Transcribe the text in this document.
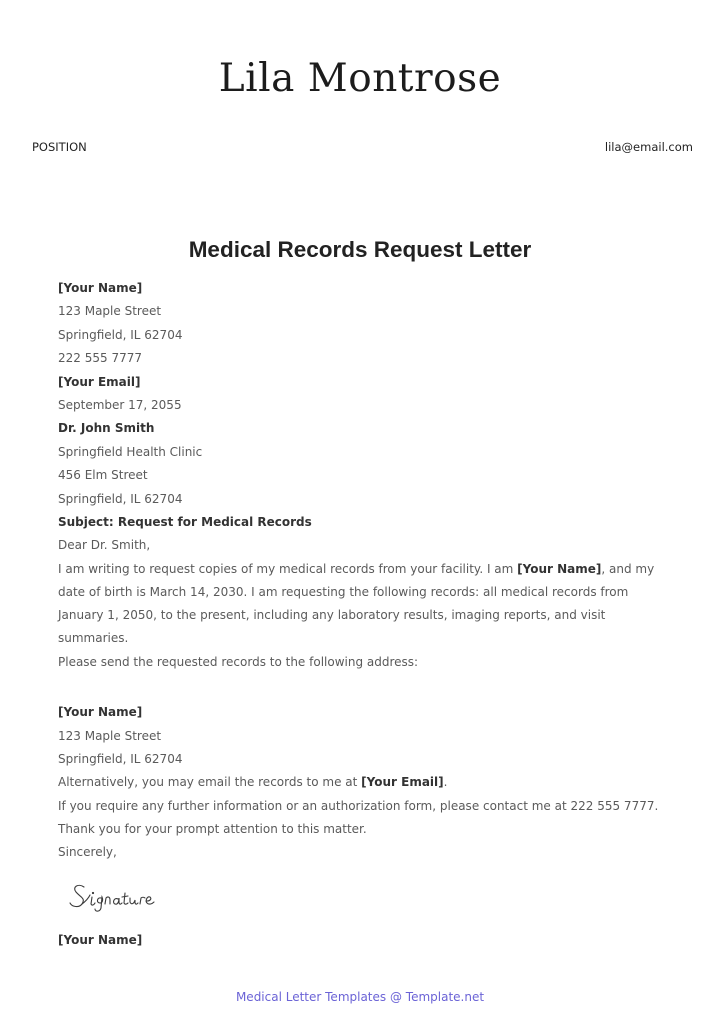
Lila Montrose
POSITION	lila@email.com
Medical Records Request Letter
[Your Name]
123 Maple Street
Springfield, IL 62704
222 555 7777
[Your Email]
September 17, 2055
Dr. John Smith
Springfield Health Clinic
456 Elm Street
Springfield, IL 62704
Subject: Request for Medical Records
Dear Dr. Smith,
I am writing to request copies of my medical records from your facility. I am [Your Name], and my date of birth is March 14, 2030. I am requesting the following records: all medical records from January 1, 2050, to the present, including any laboratory results, imaging reports, and visit summaries.
Please send the requested records to the following address:
[Your Name]
123 Maple Street
Springfield, IL 62704
Alternatively, you may email the records to me at [Your Email].
If you require any further information or an authorization form, please contact me at 222 555 7777.
Thank you for your prompt attention to this matter.
Sincerely,
[Your Name]
Medical Letter Templates @ Template.net
